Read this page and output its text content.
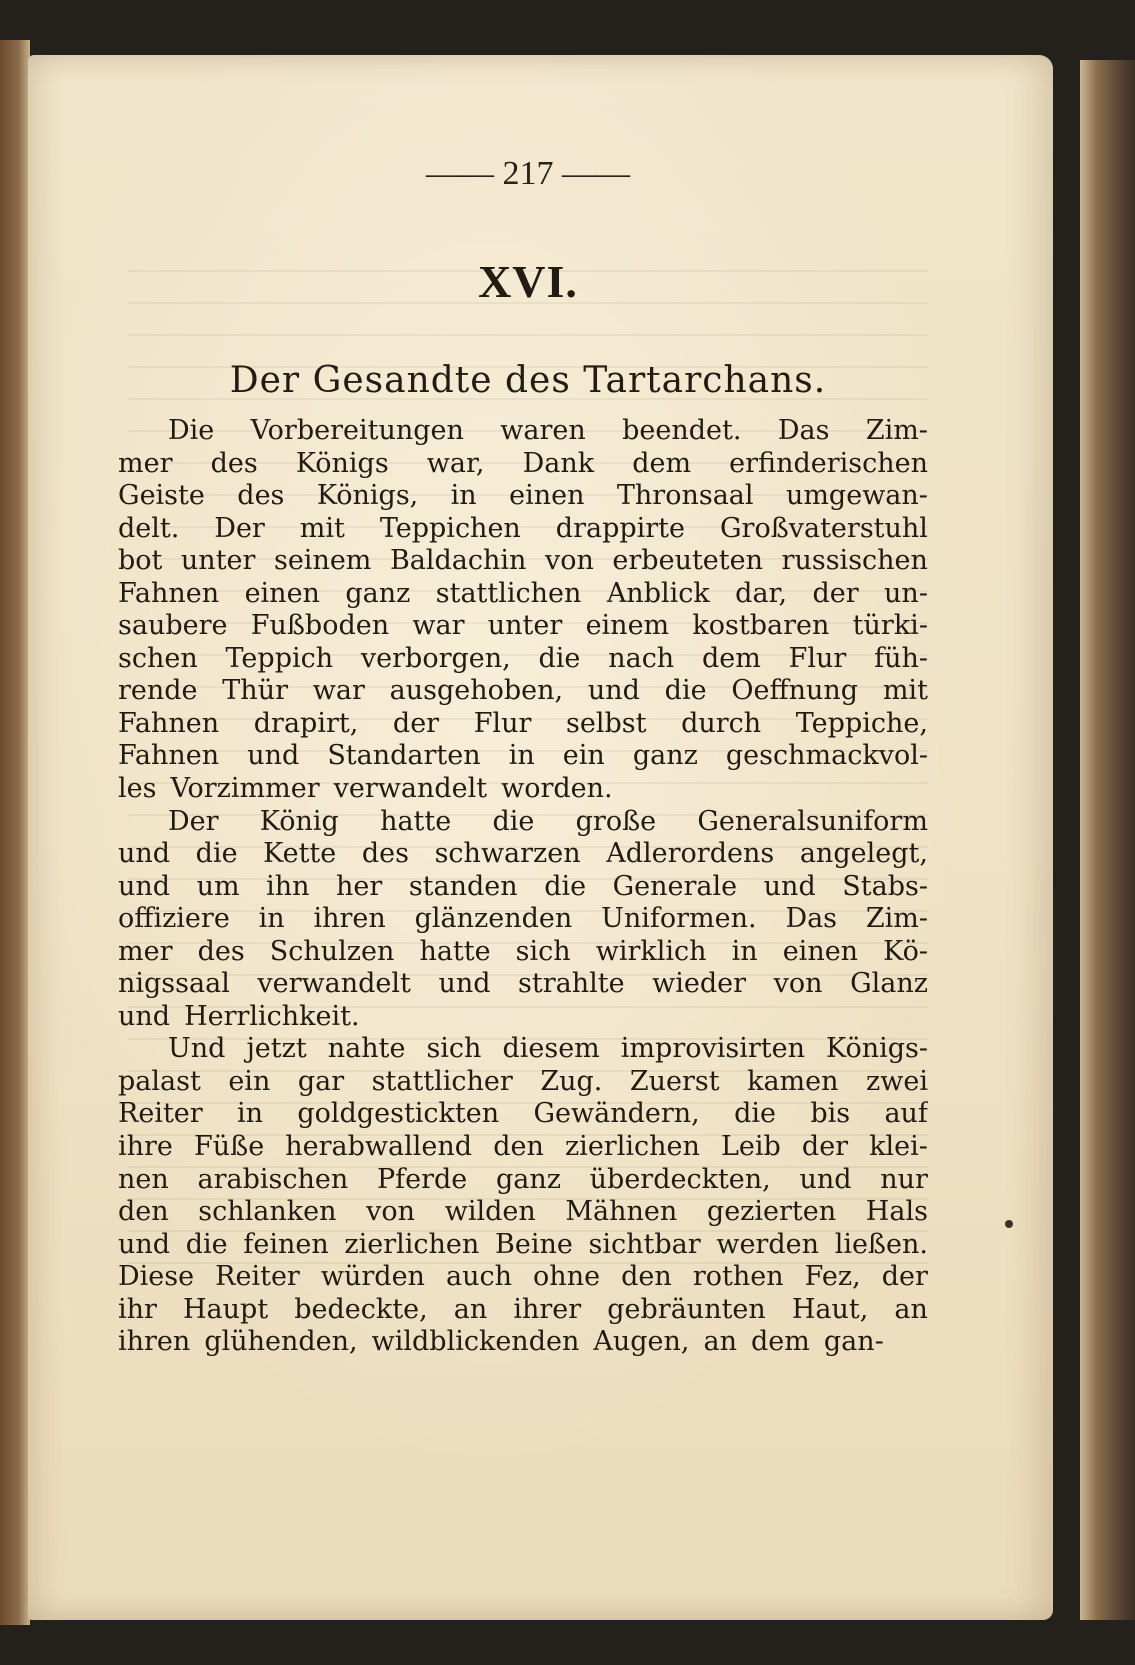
—— 217 ——
XVI.
Der Gesandte des Tartarchans.
Die Vorbereitungen waren beendet. Das Zim-
mer des Königs war, Dank dem erfinderischen
Geiste des Königs, in einen Thronsaal umgewan-
delt. Der mit Teppichen drappirte Großvaterstuhl
bot unter seinem Baldachin von erbeuteten russischen
Fahnen einen ganz stattlichen Anblick dar, der un-
saubere Fußboden war unter einem kostbaren türki-
schen Teppich verborgen, die nach dem Flur füh-
rende Thür war ausgehoben, und die Oeffnung mit
Fahnen drapirt, der Flur selbst durch Teppiche,
Fahnen und Standarten in ein ganz geschmackvol-
les Vorzimmer verwandelt worden.
Der König hatte die große Generalsuniform
und die Kette des schwarzen Adlerordens angelegt,
und um ihn her standen die Generale und Stabs-
offiziere in ihren glänzenden Uniformen. Das Zim-
mer des Schulzen hatte sich wirklich in einen Kö-
nigssaal verwandelt und strahlte wieder von Glanz
und Herrlichkeit.
Und jetzt nahte sich diesem improvisirten Königs-
palast ein gar stattlicher Zug. Zuerst kamen zwei
Reiter in goldgestickten Gewändern, die bis auf
ihre Füße herabwallend den zierlichen Leib der klei-
nen arabischen Pferde ganz überdeckten, und nur
den schlanken von wilden Mähnen gezierten Hals
und die feinen zierlichen Beine sichtbar werden ließen.
Diese Reiter würden auch ohne den rothen Fez, der
ihr Haupt bedeckte, an ihrer gebräunten Haut, an
ihren glühenden, wildblickenden Augen, an dem gan-
